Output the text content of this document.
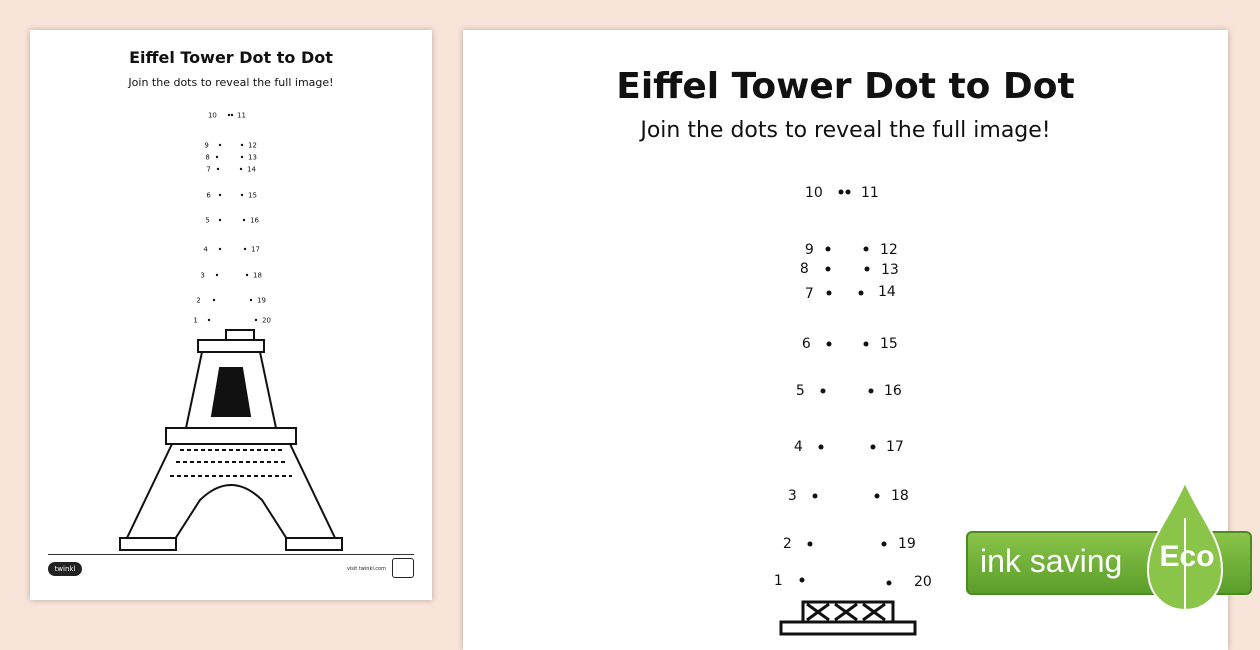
Eiffel Tower Dot to Dot
Join the dots to reveal the full image!
1
2
3
4
5
6
7
8
9
10	11
12
13
14
15
16
17
18
19
20
twinkl	visit twinkl.com
Eiffel Tower Dot to Dot
Join the dots to reveal the full image!
1
2
3
4
5
6
7
8
9
10	11
12
13
14
15
16
17
18
19
20
ink saving Eco
